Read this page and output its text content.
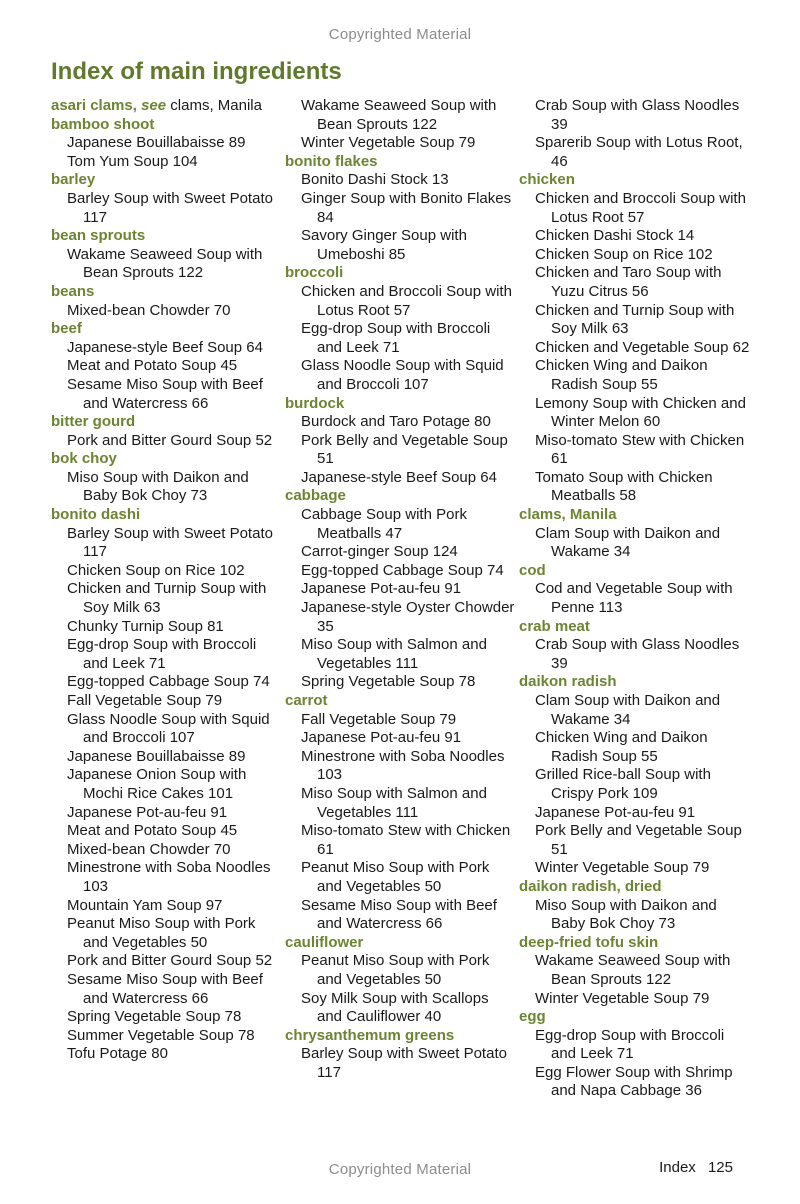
Copyrighted Material
Index of main ingredients
asari clams, see clams, Manila
bamboo shoot
Japanese Bouillabaisse 89
Tom Yum Soup 104
barley
Barley Soup with Sweet Potato 117
bean sprouts
Wakame Seaweed Soup with Bean Sprouts 122
beans
Mixed-bean Chowder 70
beef
Japanese-style Beef Soup 64
Meat and Potato Soup 45
Sesame Miso Soup with Beef and Watercress 66
bitter gourd
Pork and Bitter Gourd Soup 52
bok choy
Miso Soup with Daikon and Baby Bok Choy 73
bonito dashi
Barley Soup with Sweet Potato 117
Chicken Soup on Rice 102
Chicken and Turnip Soup with Soy Milk 63
Chunky Turnip Soup 81
Egg-drop Soup with Broccoli and Leek 71
Egg-topped Cabbage Soup 74
Fall Vegetable Soup 79
Glass Noodle Soup with Squid and Broccoli 107
Japanese Bouillabaisse 89
Japanese Onion Soup with Mochi Rice Cakes 101
Japanese Pot-au-feu 91
Meat and Potato Soup 45
Mixed-bean Chowder 70
Minestrone with Soba Noodles 103
Mountain Yam Soup 97
Peanut Miso Soup with Pork and Vegetables 50
Pork and Bitter Gourd Soup 52
Sesame Miso Soup with Beef and Watercress 66
Spring Vegetable Soup 78
Summer Vegetable Soup 78
Tofu Potage 80
Wakame Seaweed Soup with Bean Sprouts 122
Winter Vegetable Soup 79
bonito flakes
Bonito Dashi Stock 13
Ginger Soup with Bonito Flakes 84
Savory Ginger Soup with Umeboshi 85
broccoli
Chicken and Broccoli Soup with Lotus Root 57
Egg-drop Soup with Broccoli and Leek 71
Glass Noodle Soup with Squid and Broccoli 107
burdock
Burdock and Taro Potage 80
Pork Belly and Vegetable Soup 51
Japanese-style Beef Soup 64
cabbage
Cabbage Soup with Pork Meatballs 47
Carrot-ginger Soup 124
Egg-topped Cabbage Soup 74
Japanese Pot-au-feu 91
Japanese-style Oyster Chowder 35
Miso Soup with Salmon and Vegetables 111
Spring Vegetable Soup 78
carrot
Fall Vegetable Soup 79
Japanese Pot-au-feu 91
Minestrone with Soba Noodles 103
Miso Soup with Salmon and Vegetables 111
Miso-tomato Stew with Chicken 61
Peanut Miso Soup with Pork and Vegetables 50
Sesame Miso Soup with Beef and Watercress 66
cauliflower
Peanut Miso Soup with Pork and Vegetables 50
Soy Milk Soup with Scallops and Cauliflower 40
chrysanthemum greens
Barley Soup with Sweet Potato 117
Crab Soup with Glass Noodles 39
Sparerib Soup with Lotus Root, 46
chicken
Chicken and Broccoli Soup with Lotus Root 57
Chicken Dashi Stock 14
Chicken Soup on Rice 102
Chicken and Taro Soup with Yuzu Citrus 56
Chicken and Turnip Soup with Soy Milk 63
Chicken and Vegetable Soup 62
Chicken Wing and Daikon Radish Soup 55
Lemony Soup with Chicken and Winter Melon 60
Miso-tomato Stew with Chicken 61
Tomato Soup with Chicken Meatballs 58
clams, Manila
Clam Soup with Daikon and Wakame 34
cod
Cod and Vegetable Soup with Penne 113
crab meat
Crab Soup with Glass Noodles 39
daikon radish
Clam Soup with Daikon and Wakame 34
Chicken Wing and Daikon Radish Soup 55
Grilled Rice-ball Soup with Crispy Pork 109
Japanese Pot-au-feu 91
Pork Belly and Vegetable Soup 51
Winter Vegetable Soup 79
daikon radish, dried
Miso Soup with Daikon and Baby Bok Choy 73
deep-fried tofu skin
Wakame Seaweed Soup with Bean Sprouts 122
Winter Vegetable Soup 79
egg
Egg-drop Soup with Broccoli and Leek 71
Egg Flower Soup with Shrimp and Napa Cabbage 36
Copyrighted Material	Index 125
